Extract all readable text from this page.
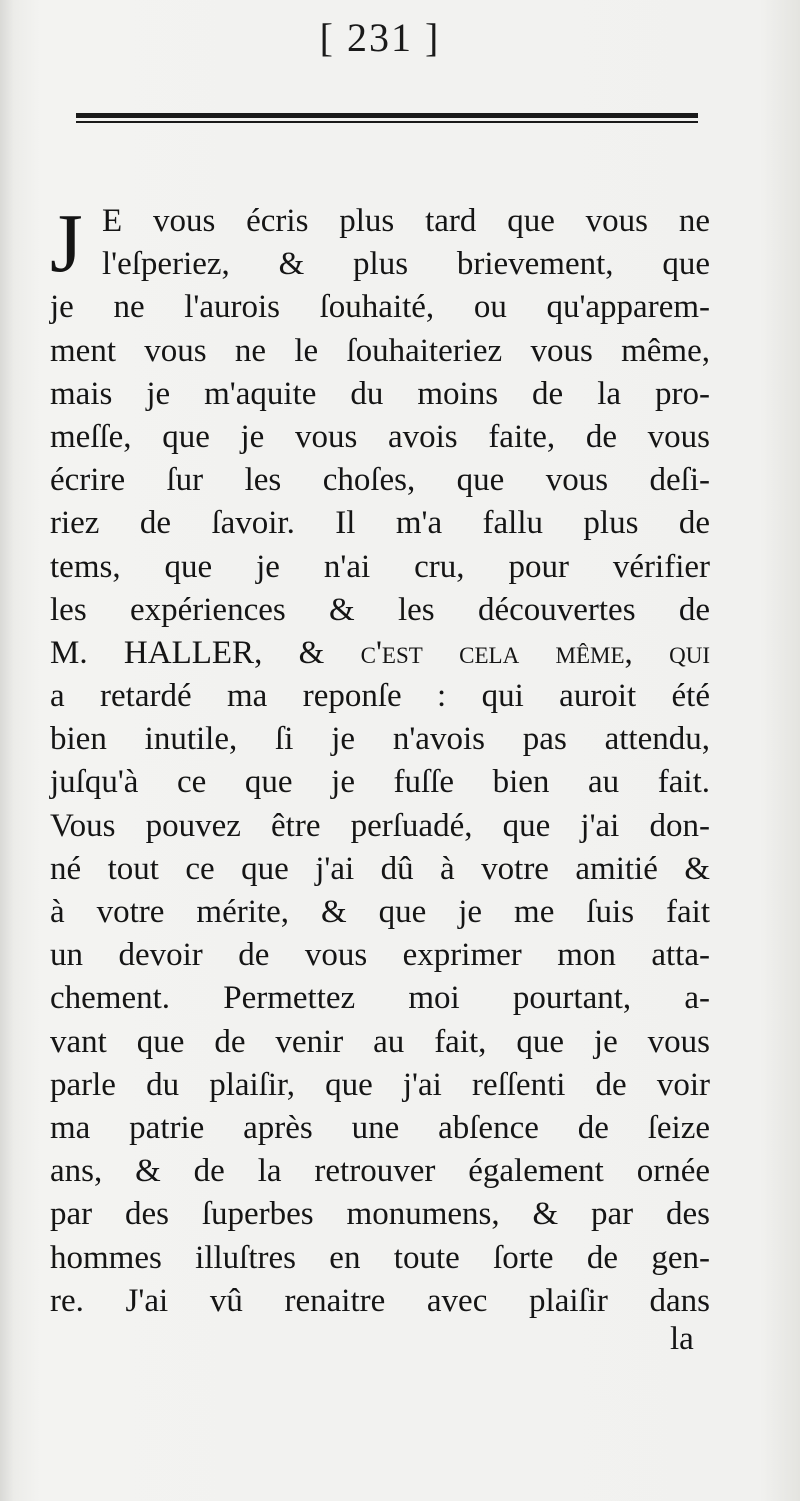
[ 231 ]
J E vous écris plus tard que vous ne
l'eſperiez, & plus brievement, que
je ne l'aurois ſouhaité, ou qu'apparem-
ment vous ne le ſouhaiteriez vous même,
mais je m'aquite du moins de la pro-
meſſe, que je vous avois faite, de vous
écrire ſur les choſes, que vous deſi-
riez de ſavoir. Il m'a fallu plus de
tems, que je n'ai cru, pour vérifier
les expériences & les découvertes de
M. HALLER, & c'eſt cela même, qui
a retardé ma reponſe : qui auroit été
bien inutile, ſi je n'avois pas attendu,
juſqu'à ce que je fuſſe bien au fait.
Vous pouvez être perſuadé, que j'ai don-
né tout ce que j'ai dû à votre amitié &
à votre mérite, & que je me ſuis fait
un devoir de vous exprimer mon atta-
chement. Permettez moi pourtant, a-
vant que de venir au fait, que je vous
parle du plaiſir, que j'ai reſſenti de voir
ma patrie après une abſence de ſeize
ans, & de la retrouver également ornée
par des ſuperbes monumens, & par des
hommes illuſtres en toute ſorte de gen-
re. J'ai vû renaitre avec plaiſir dans
la
